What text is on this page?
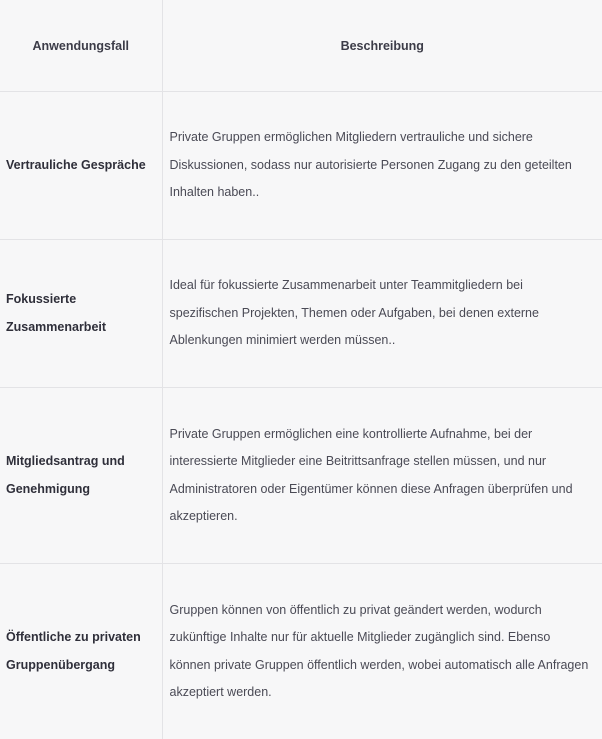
Anwendungsfall	Beschreibung
Vertrauliche Gespräche	Private Gruppen ermöglichen Mitgliedern vertrauliche und sichere Diskussionen, sodass nur autorisierte Personen Zugang zu den geteilten Inhalten haben..
Fokussierte Zusammenarbeit	Ideal für fokussierte Zusammenarbeit unter Teammitgliedern bei spezifischen Projekten, Themen oder Aufgaben, bei denen externe Ablenkungen minimiert werden müssen..
Mitgliedsantrag und Genehmigung	Private Gruppen ermöglichen eine kontrollierte Aufnahme, bei der interessierte Mitglieder eine Beitrittsanfrage stellen müssen, und nur Administratoren oder Eigentümer können diese Anfragen überprüfen und akzeptieren.
Öffentliche zu privaten Gruppenübergang	Gruppen können von öffentlich zu privat geändert werden, wodurch zukünftige Inhalte nur für aktuelle Mitglieder zugänglich sind. Ebenso können private Gruppen öffentlich werden, wobei automatisch alle Anfragen akzeptiert werden.
